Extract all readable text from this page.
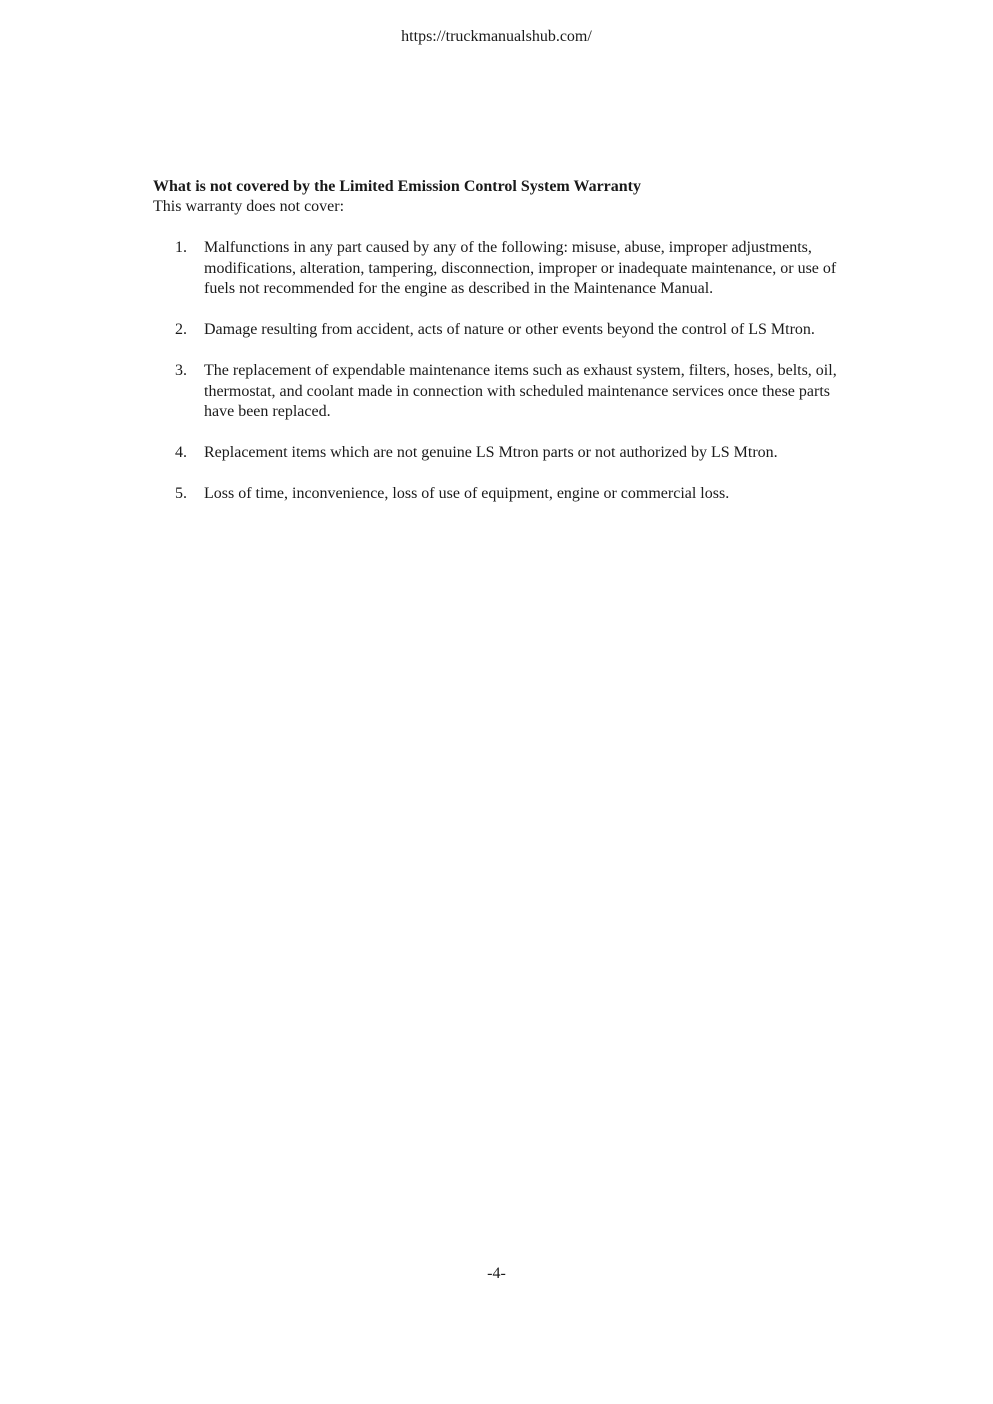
https://truckmanualshub.com/

What is not covered by the Limited Emission Control System Warranty

This warranty does not cover:

1. Malfunctions in any part caused by any of the following: misuse, abuse, improper adjustments, modifications, alteration, tampering, disconnection, improper or inadequate maintenance, or use of fuels not recommended for the engine as described in the Maintenance Manual.
2. Damage resulting from accident, acts of nature or other events beyond the control of LS Mtron.
3. The replacement of expendable maintenance items such as exhaust system, filters, hoses, belts, oil, thermostat, and coolant made in connection with scheduled maintenance services once these parts have been replaced.
4. Replacement items which are not genuine LS Mtron parts or not authorized by LS Mtron.
5. Loss of time, inconvenience, loss of use of equipment, engine or commercial loss.
-4-
